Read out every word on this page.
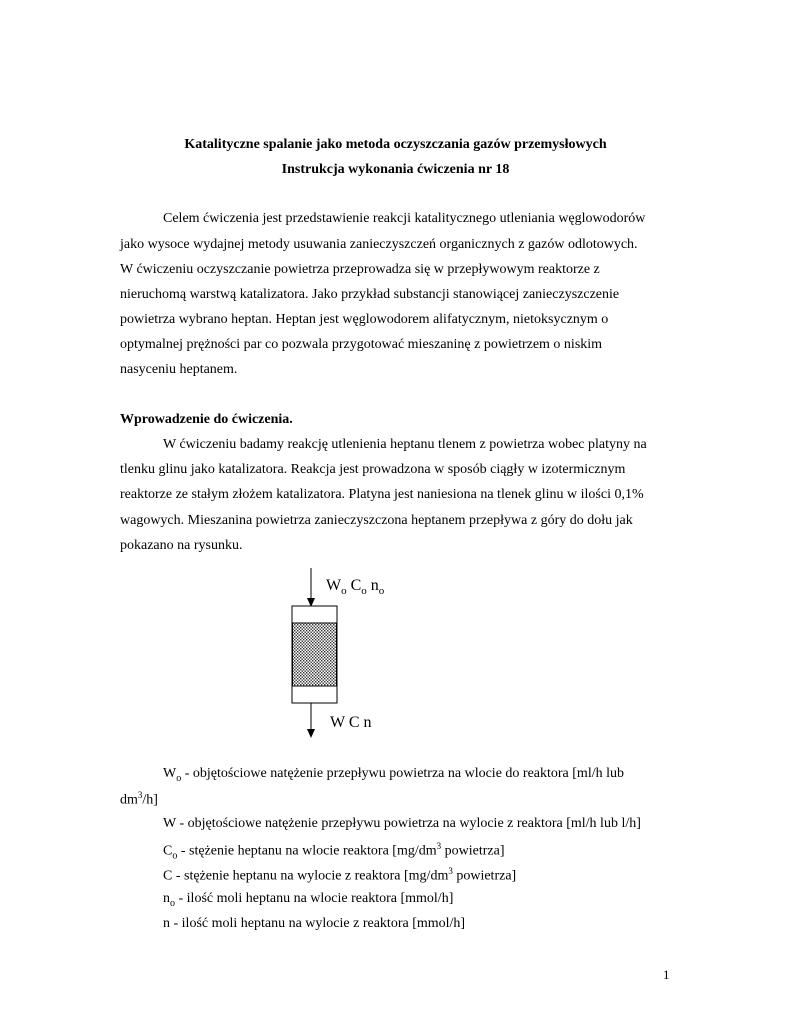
Katalityczne spalanie jako metoda oczyszczania gazów przemysłowych
Instrukcja wykonania ćwiczenia nr 18
Celem ćwiczenia jest przedstawienie reakcji katalitycznego utleniania węglowodorów
jako wysoce wydajnej metody usuwania zanieczyszczeń organicznych z gazów odlotowych.
W ćwiczeniu oczyszczanie powietrza przeprowadza się w przepływowym reaktorze z
nieruchomą warstwą katalizatora. Jako przykład substancji stanowiącej zanieczyszczenie
powietrza wybrano heptan. Heptan jest węglowodorem alifatycznym, nietoksycznym o
optymalnej prężności par co pozwala przygotować mieszaninę z powietrzem o niskim
nasyceniu heptanem.
Wprowadzenie do ćwiczenia.
W ćwiczeniu badamy reakcję utlenienia heptanu tlenem z powietrza wobec platyny na
tlenku glinu jako katalizatora. Reakcja jest prowadzona w sposób ciągły w izotermicznym
reaktorze ze stałym złożem katalizatora. Platyna jest naniesiona na tlenek glinu w ilości 0,1%
wagowych. Mieszanina powietrza zanieczyszczona heptanem przepływa z góry do dołu jak
pokazano na rysunku.
$W_o$ $C_o$ $n_o$
W C n
$W_o$ - objętościowe natężenie przepływu powietrza na wlocie do reaktora [ml/h lub
$dm^3/h$]
W - objętościowe natężenie przepływu powietrza na wylocie z reaktora [ml/h lub l/h]
$C_o$ - stężenie heptanu na wlocie reaktora [$mg/dm^3$ powietrza]
C - stężenie heptanu na wylocie z reaktora [$mg/dm^3$ powietrza]
$n_o$ - ilość moli heptanu na wlocie reaktora [mmol/h]
n - ilość moli heptanu na wylocie z reaktora [mmol/h]
1
